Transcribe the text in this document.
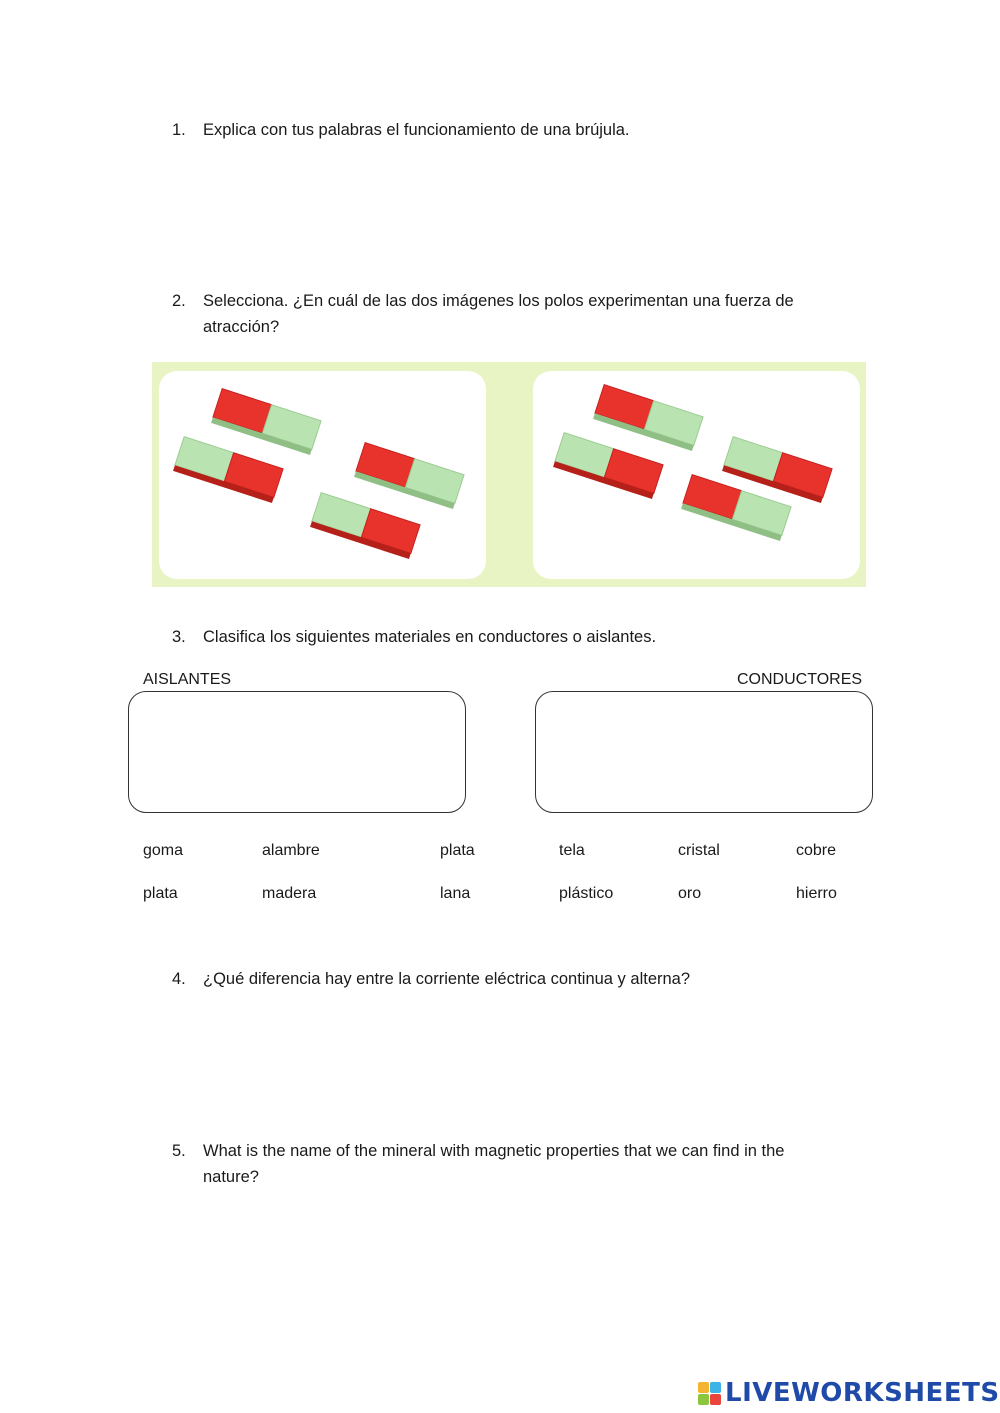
1. Explica con tus palabras el funcionamiento de una brújula.
2. Selecciona. ¿En cuál de las dos imágenes los polos experimentan una fuerza de atracción?
3. Clasifica los siguientes materiales en conductores o aislantes.
AISLANTES	CONDUCTORES
goma	alambre	plata	tela	cristal	cobre
plata	madera	lana	plástico	oro	hierro
4. ¿Qué diferencia hay entre la corriente eléctrica continua y alterna?
5. What is the name of the mineral with magnetic properties that we can find in the nature?
LIVEWORKSHEETS
